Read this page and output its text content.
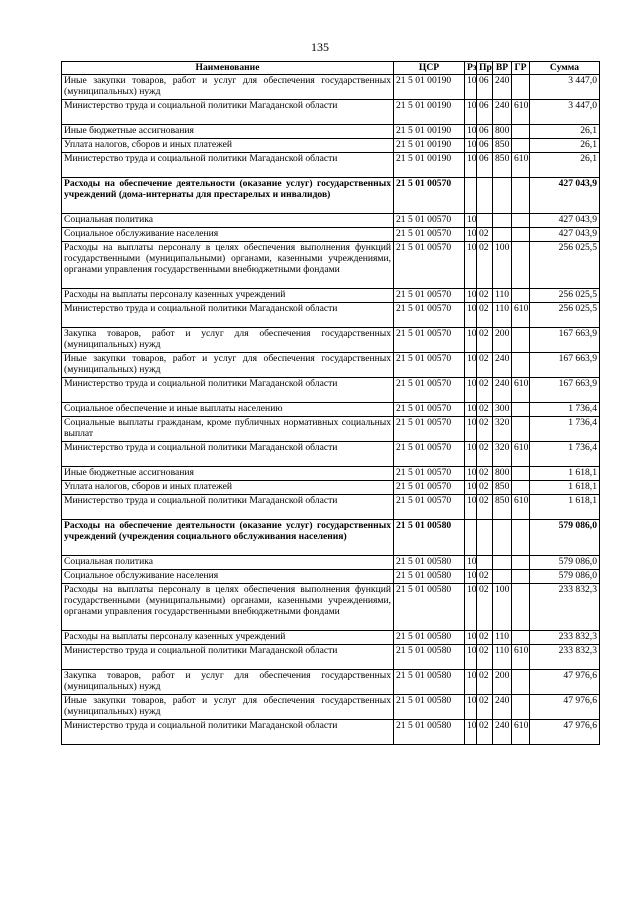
135
Наименование	ЦСР	Рз	Пр	ВР	ГР	Сумма
Иные закупки товаров, работ и услуг для обеспечения государственных (муниципальных) нужд	21 5 01 00190	10	06	240		3 447,0
Министерство труда и социальной политики Магаданской области	21 5 01 00190	10	06	240	610	3 447,0
Иные бюджетные ассигнования	21 5 01 00190	10	06	800		26,1
Уплата налогов, сборов и иных платежей	21 5 01 00190	10	06	850		26,1
Министерство труда и социальной политики Магаданской области	21 5 01 00190	10	06	850	610	26,1
Расходы на обеспечение деятельности (оказание услуг) государственных учреждений (дома-интернаты для престарелых и инвалидов)	21 5 01 00570					427 043,9
Социальная политика	21 5 01 00570	10				427 043,9
Социальное обслуживание населения	21 5 01 00570	10	02			427 043,9
Расходы на выплаты персоналу в целях обеспечения выполнения функций государственными (муниципальными) органами, казенными учреждениями, органами управления государственными внебюджетными фондами	21 5 01 00570	10	02	100		256 025,5
Расходы на выплаты персоналу казенных учреждений	21 5 01 00570	10	02	110		256 025,5
Министерство труда и социальной политики Магаданской области	21 5 01 00570	10	02	110	610	256 025,5
Закупка товаров, работ и услуг для обеспечения государственных (муниципальных) нужд	21 5 01 00570	10	02	200		167 663,9
Иные закупки товаров, работ и услуг для обеспечения государственных (муниципальных) нужд	21 5 01 00570	10	02	240		167 663,9
Министерство труда и социальной политики Магаданской области	21 5 01 00570	10	02	240	610	167 663,9
Социальное обеспечение и иные выплаты населению	21 5 01 00570	10	02	300		1 736,4
Социальные выплаты гражданам, кроме публичных нормативных социальных выплат	21 5 01 00570	10	02	320		1 736,4
Министерство труда и социальной политики Магаданской области	21 5 01 00570	10	02	320	610	1 736,4
Иные бюджетные ассигнования	21 5 01 00570	10	02	800		1 618,1
Уплата налогов, сборов и иных платежей	21 5 01 00570	10	02	850		1 618,1
Министерство труда и социальной политики Магаданской области	21 5 01 00570	10	02	850	610	1 618,1
Расходы на обеспечение деятельности (оказание услуг) государственных учреждений (учреждения социального обслуживания населения)	21 5 01 00580					579 086,0
Социальная политика	21 5 01 00580	10				579 086,0
Социальное обслуживание населения	21 5 01 00580	10	02			579 086,0
Расходы на выплаты персоналу в целях обеспечения выполнения функций государственными (муниципальными) органами, казенными учреждениями, органами управления государственными внебюджетными фондами	21 5 01 00580	10	02	100		233 832,3
Расходы на выплаты персоналу казенных учреждений	21 5 01 00580	10	02	110		233 832,3
Министерство труда и социальной политики Магаданской области	21 5 01 00580	10	02	110	610	233 832,3
Закупка товаров, работ и услуг для обеспечения государственных (муниципальных) нужд	21 5 01 00580	10	02	200		47 976,6
Иные закупки товаров, работ и услуг для обеспечения государственных (муниципальных) нужд	21 5 01 00580	10	02	240		47 976,6
Министерство труда и социальной политики Магаданской области	21 5 01 00580	10	02	240	610	47 976,6
